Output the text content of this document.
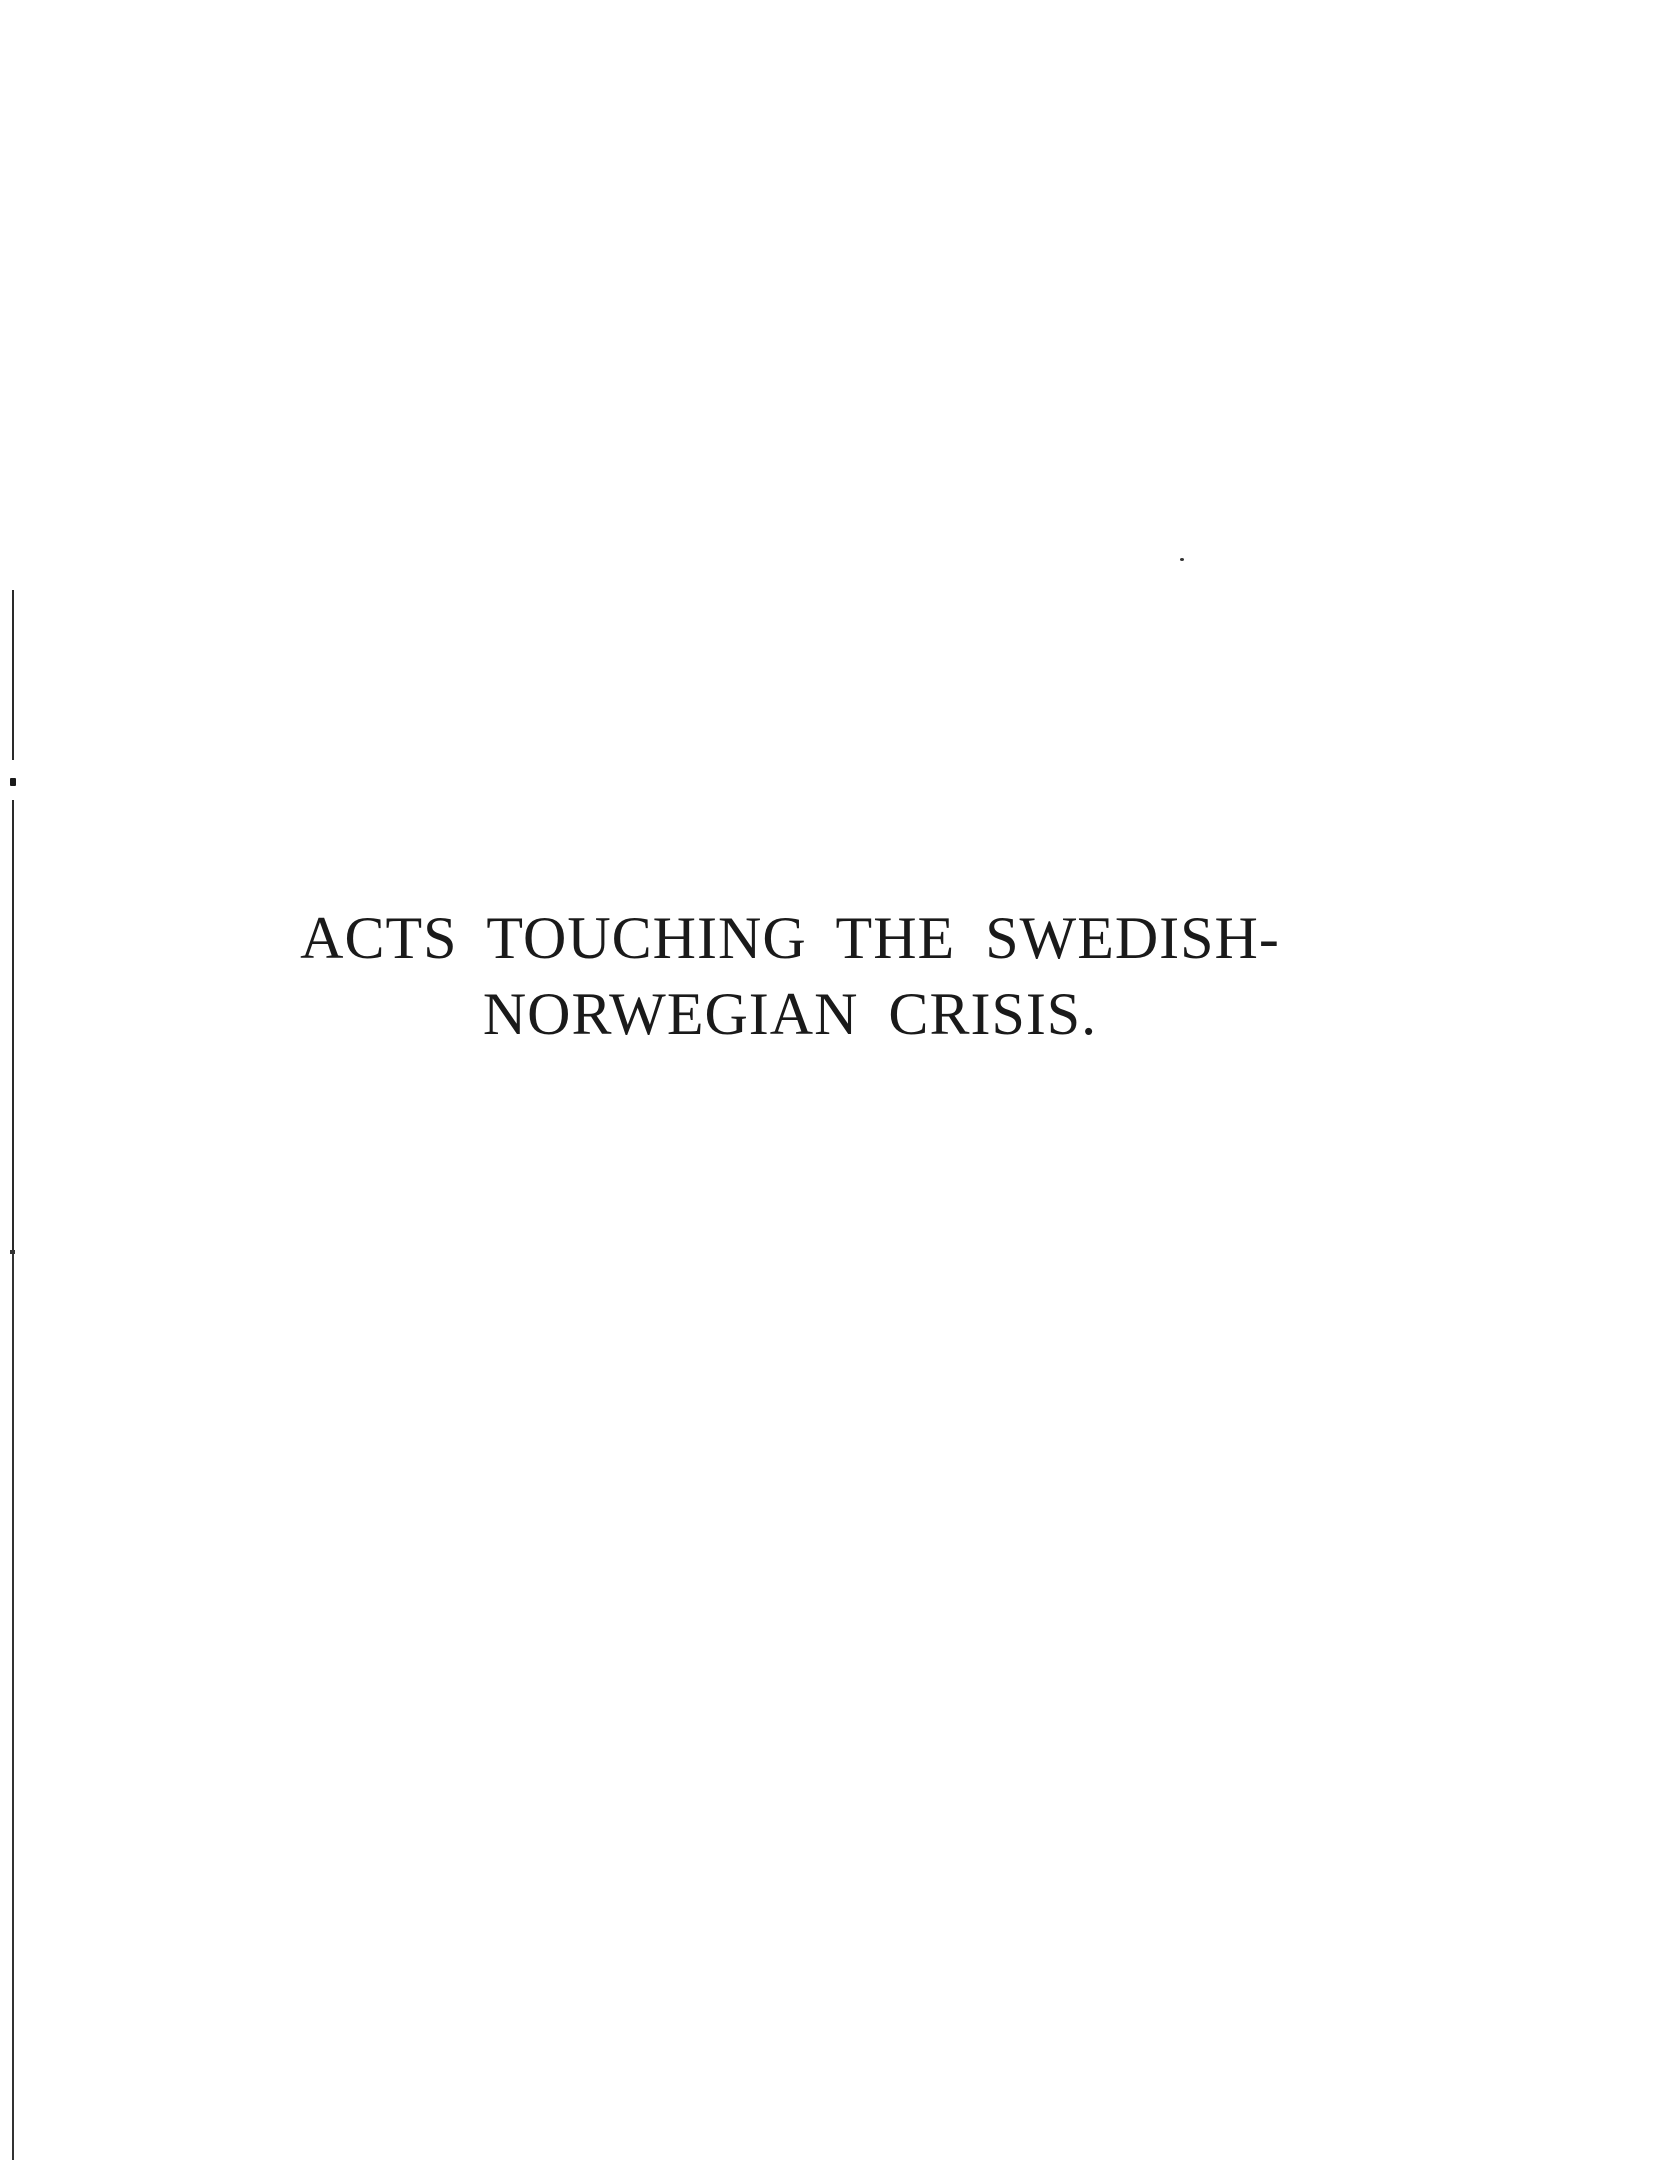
ACTS TOUCHING THE SWEDISH-
NORWEGIAN CRISIS.
